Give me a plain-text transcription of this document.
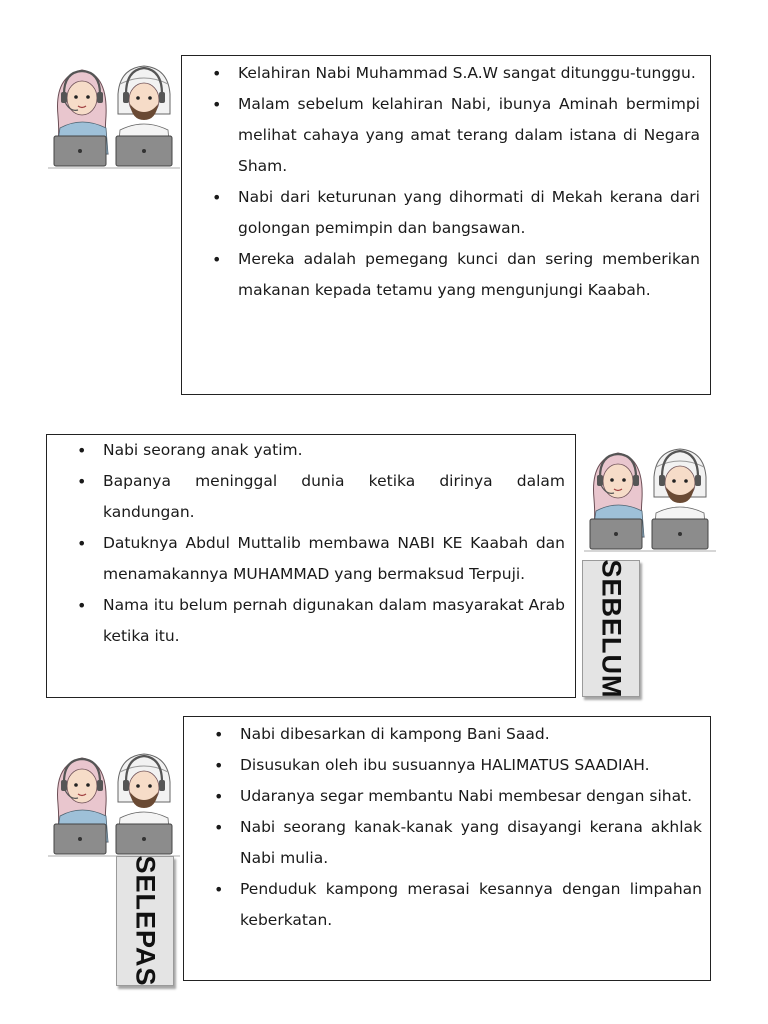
• Kelahiran Nabi Muhammad S.A.W sangat ditunggu-tunggu.
• Malam sebelum kelahiran Nabi, ibunya Aminah bermimpi melihat cahaya yang amat terang dalam istana di Negara Sham.
• Nabi dari keturunan yang dihormati di Mekah kerana dari golongan pemimpin dan bangsawan.
• Mereka adalah pemegang kunci dan sering memberikan makanan kepada tetamu yang mengunjungi Kaabah.
• Nabi seorang anak yatim.
• Bapanya meninggal dunia ketika dirinya dalam kandungan.
• Datuknya Abdul Muttalib membawa NABI KE Kaabah dan menamakannya MUHAMMAD yang bermaksud Terpuji.
• Nama itu belum pernah digunakan dalam masyarakat Arab ketika itu.	SEBELUM
SELEPAS
• Nabi dibesarkan di kampong Bani Saad.
• Disusukan oleh ibu susuannya HALIMATUS SAADIAH.
• Udaranya segar membantu Nabi membesar dengan sihat.
• Nabi seorang kanak-kanak yang disayangi kerana akhlak Nabi mulia.
• Penduduk kampong merasai kesannya dengan limpahan keberkatan.
